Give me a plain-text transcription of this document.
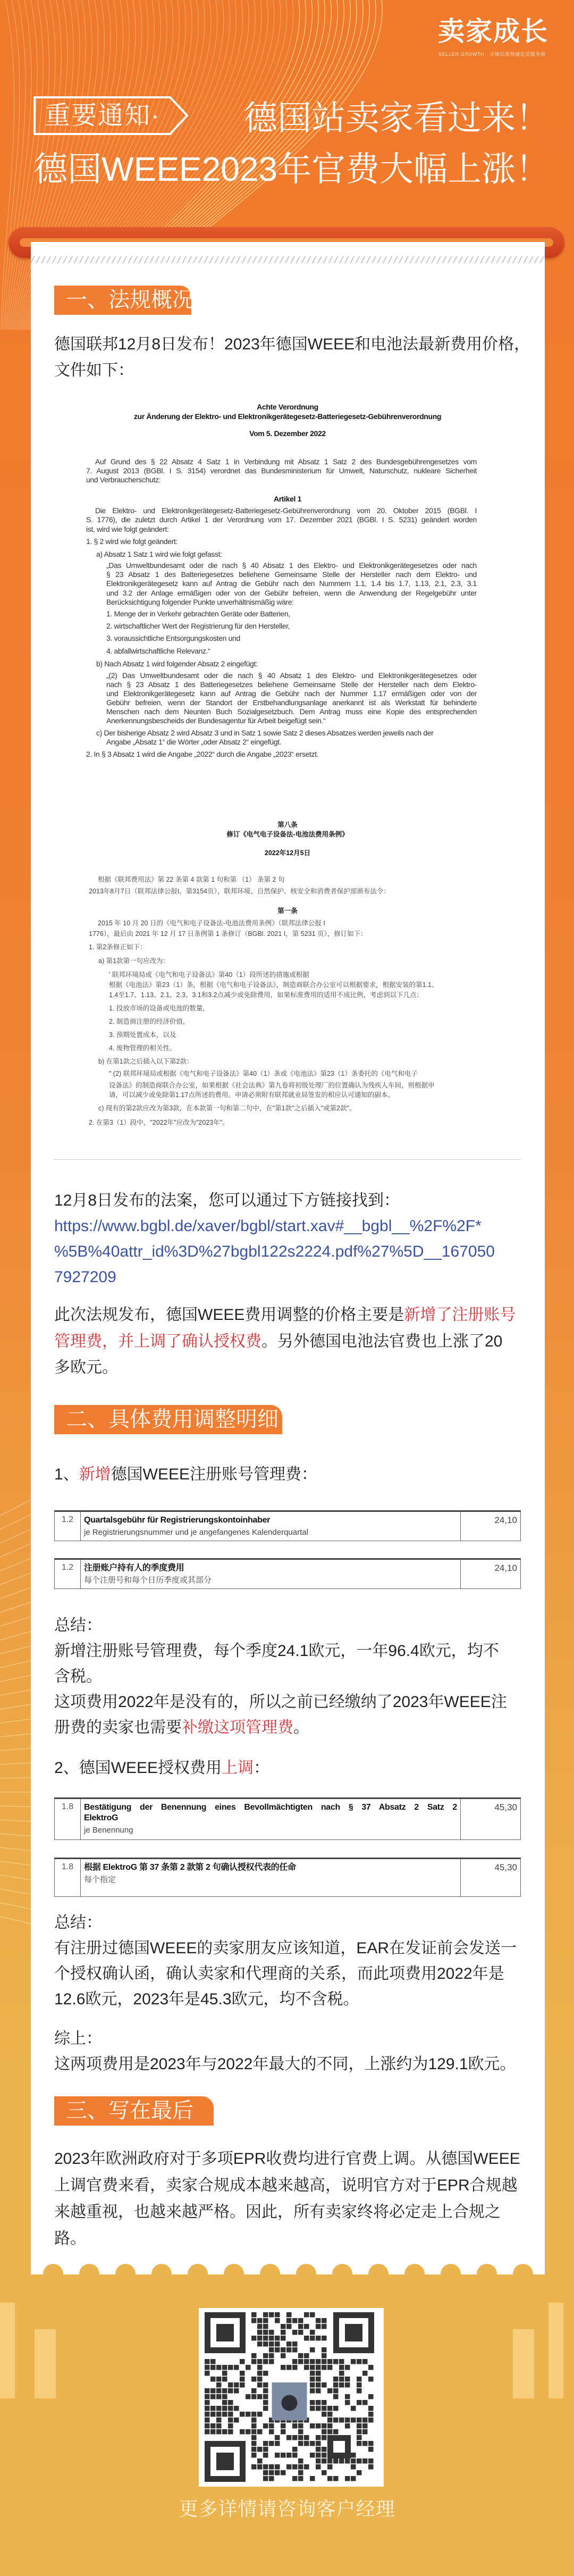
卖家成长
SELLER GROWTH · 合规出海领域优质服务商
重要通知· 德国站卖家看过来！
德国WEEE2023年官费大幅上涨！
一、法规概况
德国联邦12月8日发布！2023年德国WEEE和电池法最新费用价格，
文件如下：
Achte Verordnung
zur Änderung der Elektro- und Elektronikgerätegesetz-Batteriegesetz-Gebührenverordnung
Vom 5. Dezember 2022
Auf Grund des § 22 Absatz 4 Satz 1 in Verbindung mit Absatz 1 Satz 2 des Bundesgebührengesetzes vom
7. August 2013 (BGBl. I S. 3154) verordnet das Bundesministerium für Umwelt, Naturschutz, nukleare Sicherheit
und Verbraucherschutz:
Artikel 1
Die Elektro- und Elektronikgerätegesetz-Batteriegesetz-Gebührenverordnung vom 20. Oktober 2015 (BGBl. I
S. 1776), die zuletzt durch Artikel 1 der Verordnung vom 17. Dezember 2021 (BGBl. I S. 5231) geändert worden
ist, wird wie folgt geändert:
1. § 2 wird wie folgt geändert:
a) Absatz 1 Satz 1 wird wie folgt gefasst:
„Das Umweltbundesamt oder die nach § 40 Absatz 1 des Elektro- und Elektronikgerätegesetzes oder nach
§ 23 Absatz 1 des Batteriegesetzes beliehene Gemeinsame Stelle der Hersteller nach dem Elektro- und
Elektronikgerätegesetz kann auf Antrag die Gebühr nach den Nummern 1.1, 1.4 bis 1.7, 1.13, 2.1, 2.3, 3.1
und 3.2 der Anlage ermäßigen oder von der Gebühr befreien, wenn die Anwendung der Regelgebühr unter
Berücksichtigung folgender Punkte unverhältnismäßig wäre:
1. Menge der in Verkehr gebrachten Geräte oder Batterien,
2. wirtschaftlicher Wert der Registrierung für den Hersteller,
3. voraussichtliche Entsorgungskosten und
4. abfallwirtschaftliche Relevanz.“
b) Nach Absatz 1 wird folgender Absatz 2 eingefügt:
„(2) Das Umweltbundesamt oder die nach § 40 Absatz 1 des Elektro- und Elektronikgerätegesetzes oder
nach § 23 Absatz 1 des Batteriegesetzes beliehene Gemeinsame Stelle der Hersteller nach dem Elektro-
und Elektronikgerätegesetz kann auf Antrag die Gebühr nach der Nummer 1.17 ermäßigen oder von der
Gebühr befreien, wenn der Standort der Erstbehandlungsanlage anerkannt ist als Werkstatt für behinderte
Menschen nach dem Neunten Buch Sozialgesetzbuch. Dem Antrag muss eine Kopie des entsprechenden
Anerkennungsbescheids der Bundesagentur für Arbeit beigefügt sein.“
c) Der bisherige Absatz 2 wird Absatz 3 und in Satz 1 sowie Satz 2 dieses Absatzes werden jeweils nach der
Angabe „Absatz 1“ die Wörter „oder Absatz 2“ eingefügt.
2. In § 3 Absatz 1 wird die Angabe „2022“ durch die Angabe „2023“ ersetzt.
第八条
修订《电气电子设备法-电池法费用条例》
2022年12月5日
根据《联邦费用法》第 22 条第 4 款第 1 句和第 （1） 条第 2 句
2013年8月7日（联邦法律公报I，第3154页），联邦环境、自然保护、核安全和消费者保护部颁布法令：
第一条
2015 年 10 月 20 日的《电气和电子设备法-电池法费用条例》（联邦法律公报 I
1776），最后由 2021 年 12 月 17 日条例第 1 条修订（BGBl. 2021 I，第 5231 页），修订如下：
1. 第2条修正如下：
a) 第1款第一句应改为：
' 联邦环境局或《电气和电子设备法》第40（1）段所述的措施或根据
根据《电池法》第23（1）条，根据《电气和电子设备法》，制造商联合办公室可以根据要求，根据安装的第1.1、
1.4至1.7、1.13、2.1、2.3、3.1和3.2点减少或免除费用，如果标准费用的适用不成比例，考虑到以下几点：
1. 投放市场的设备或电池的数量，
2. 制造商注册的经济价值，
3. 预期处置成本，以及
4. 废物管理的相关性。
b) 在第1款之后插入以下第2款：
" (2) 联邦环境局或根据《电气和电子设备法》第40（1）条或《电池法》第23（1）条委托的《电气和电子
设备法》的制造商联合办公室，如果根据《社会法典》第九卷将初级处理厂的位置确认为残疾人车间，则根据申
请，可以减少或免除第1.17点所述的费用。申请必须附有联邦就业局签发的相应认可通知的副本。
c) 现有的第2款应改为第3款，在本款第一句和第二句中，在"第1款"之后插入"或第2款"。
2. 在第3（1）段中，"2022年"应改为"2023年"。
12月8日发布的法案，您可以通过下方链接找到：
https://www.bgbl.de/xaver/bgbl/start.xav#__bgbl__%2F%2F*
%5B%40attr_id%3D%27bgbl122s2224.pdf%27%5D__167050
7927209
此次法规发布，德国WEEE费用调整的价格主要是新增了注册账号
管理费，并上调了确认授权费。另外德国电池法官费也上涨了20
多欧元。
二、具体费用调整明细：
1、新增德国WEEE注册账号管理费：
1.2	Quartalsgebühr für Registrierungskontoinhaber
je Registrierungsnummer und je angefangenes Kalenderquartal
	24,10
1.2	注册账户持有人的季度费用
每个注册号和每个日历季度或其部分
	24,10
总结：
新增注册账号管理费，每个季度24.1欧元，一年96.4欧元，均不
含税。
这项费用2022年是没有的，所以之前已经缴纳了2023年WEEE注
册费的卖家也需要补缴这项管理费。
2、德国WEEE授权费用上调：
1.8	Bestätigung der Benennung eines Bevollmächtigten nach § 37 Absatz 2 Satz 2
ElektroG
je Benennung
	45,30
1.8	根据 ElektroG 第 37 条第 2 款第 2 句确认授权代表的任命
每个指定
	45,30
总结：
有注册过德国WEEE的卖家朋友应该知道，EAR在发证前会发送一
个授权确认函，确认卖家和代理商的关系，而此项费用2022年是
12.6欧元，2023年是45.3欧元，均不含税。
综上：
这两项费用是2023年与2022年最大的不同，上涨约为129.1欧元。
三、写在最后
2023年欧洲政府对于多项EPR收费均进行官费上调。从德国WEEE
上调官费来看，卖家合规成本越来越高，说明官方对于EPR合规越
来越重视，也越来越严格。因此，所有卖家终将必定走上合规之
路。
更多详情请咨询客户经理
